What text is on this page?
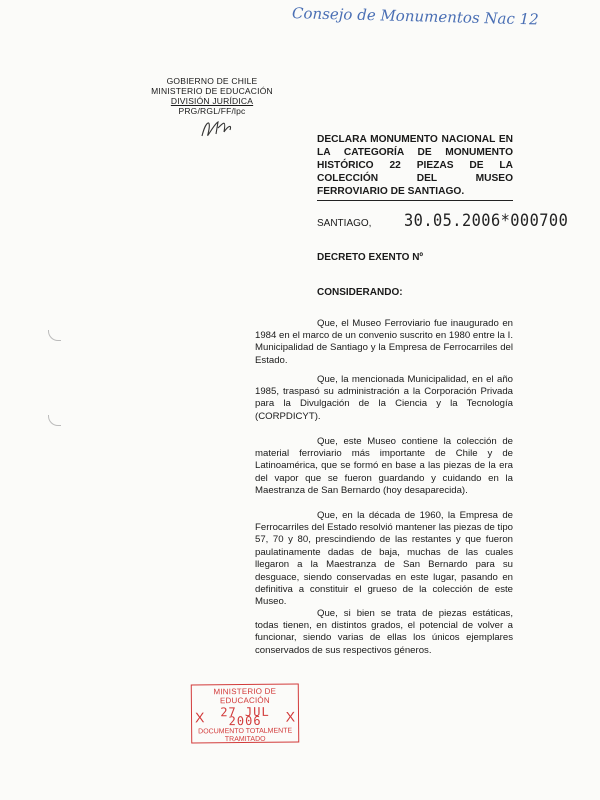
Consejo de Monumentos Nac 12
GOBIERNO DE CHILE
MINISTERIO DE EDUCACIÓN
DIVISIÓN JURÍDICA
PRG/RGL/FF/lpc
DECLARA MONUMENTO NACIONAL EN LA CATEGORÍA DE MONUMENTO HISTÓRICO 22 PIEZAS DE LA COLECCIÓN DEL MUSEO FERROVIARIO DE SANTIAGO.
SANTIAGO, 30.05.2006*000700
DECRETO EXENTO Nº
CONSIDERANDO:

Que, el Museo Ferroviario fue inaugurado en 1984 en el marco de un convenio suscrito en 1980 entre la I. Municipalidad de Santiago y la Empresa de Ferrocarriles del Estado.

Que, la mencionada Municipalidad, en el año 1985, traspasó su administración a la Corporación Privada para la Divulgación de la Ciencia y la Tecnología (CORPDICYT).

Que, este Museo contiene la colección de material ferroviario más importante de Chile y de Latinoamérica, que se formó en base a las piezas de la era del vapor que se fueron guardando y cuidando en la Maestranza de San Bernardo (hoy desaparecida).

Que, en la década de 1960, la Empresa de Ferrocarriles del Estado resolvió mantener las piezas de tipo 57, 70 y 80, prescindiendo de las restantes y que fueron paulatinamente dadas de baja, muchas de las cuales llegaron a la Maestranza de San Bernardo para su desguace, siendo conservadas en este lugar, pasando en definitiva a constituir el grueso de la colección de este Museo.

Que, si bien se trata de piezas estáticas, todas tienen, en distintos grados, el potencial de volver a funcionar, siendo varias de ellas los únicos ejemplares conservados de sus respectivos géneros.

MINISTERIO DE EDUCACIÓN
X	27 JUL 2006	X
DOCUMENTO TOTALMENTE TRAMITADO
